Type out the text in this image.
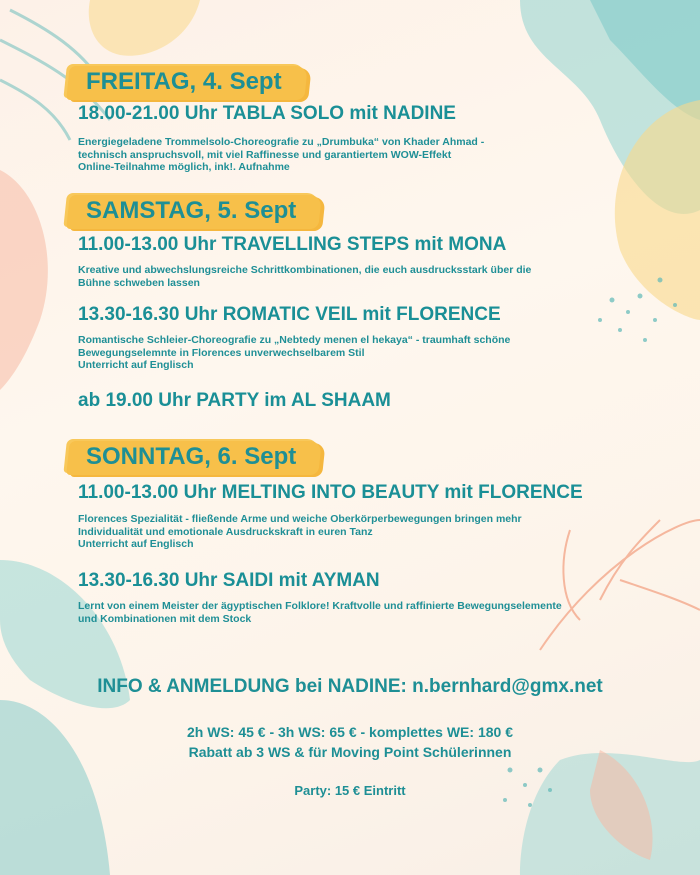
FREITAG, 4. Sept
18.00-21.00 Uhr TABLA SOLO mit NADINE
Energiegeladene Trommelsolo-Choreografie zu „Drumbuka“ von Khader Ahmad -
technisch anspruchsvoll, mit viel Raffinesse und garantiertem WOW-Effekt
Online-Teilnahme möglich, ink!. Aufnahme
SAMSTAG, 5. Sept
11.00-13.00 Uhr TRAVELLING STEPS mit MONA
Kreative und abwechslungsreiche Schrittkombinationen, die euch ausdrucksstark über die
Bühne schweben lassen
13.30-16.30 Uhr ROMATIC VEIL mit FLORENCE
Romantische Schleier-Choreografie zu „Nebtedy menen el hekaya“ - traumhaft schöne
Bewegungselemnte in Florences unverwechselbarem Stil
Unterricht auf Englisch
ab 19.00 Uhr PARTY im AL SHAAM
SONNTAG, 6. Sept
11.00-13.00 Uhr MELTING INTO BEAUTY mit FLORENCE
Florences Spezialität - fließende Arme und weiche Oberkörperbewegungen bringen mehr
Individualität und emotionale Ausdruckskraft in euren Tanz
Unterricht auf Englisch
13.30-16.30 Uhr SAIDI mit AYMAN
Lernt von einem Meister der ägyptischen Folklore! Kraftvolle und raffinierte Bewegungselemente
und Kombinationen mit dem Stock
INFO & ANMELDUNG bei NADINE: n.bernhard@gmx.net
2h WS: 45 € - 3h WS: 65 € - komplettes WE: 180 €
Rabatt ab 3 WS & für Moving Point Schülerinnen
Party: 15 € Eintritt
